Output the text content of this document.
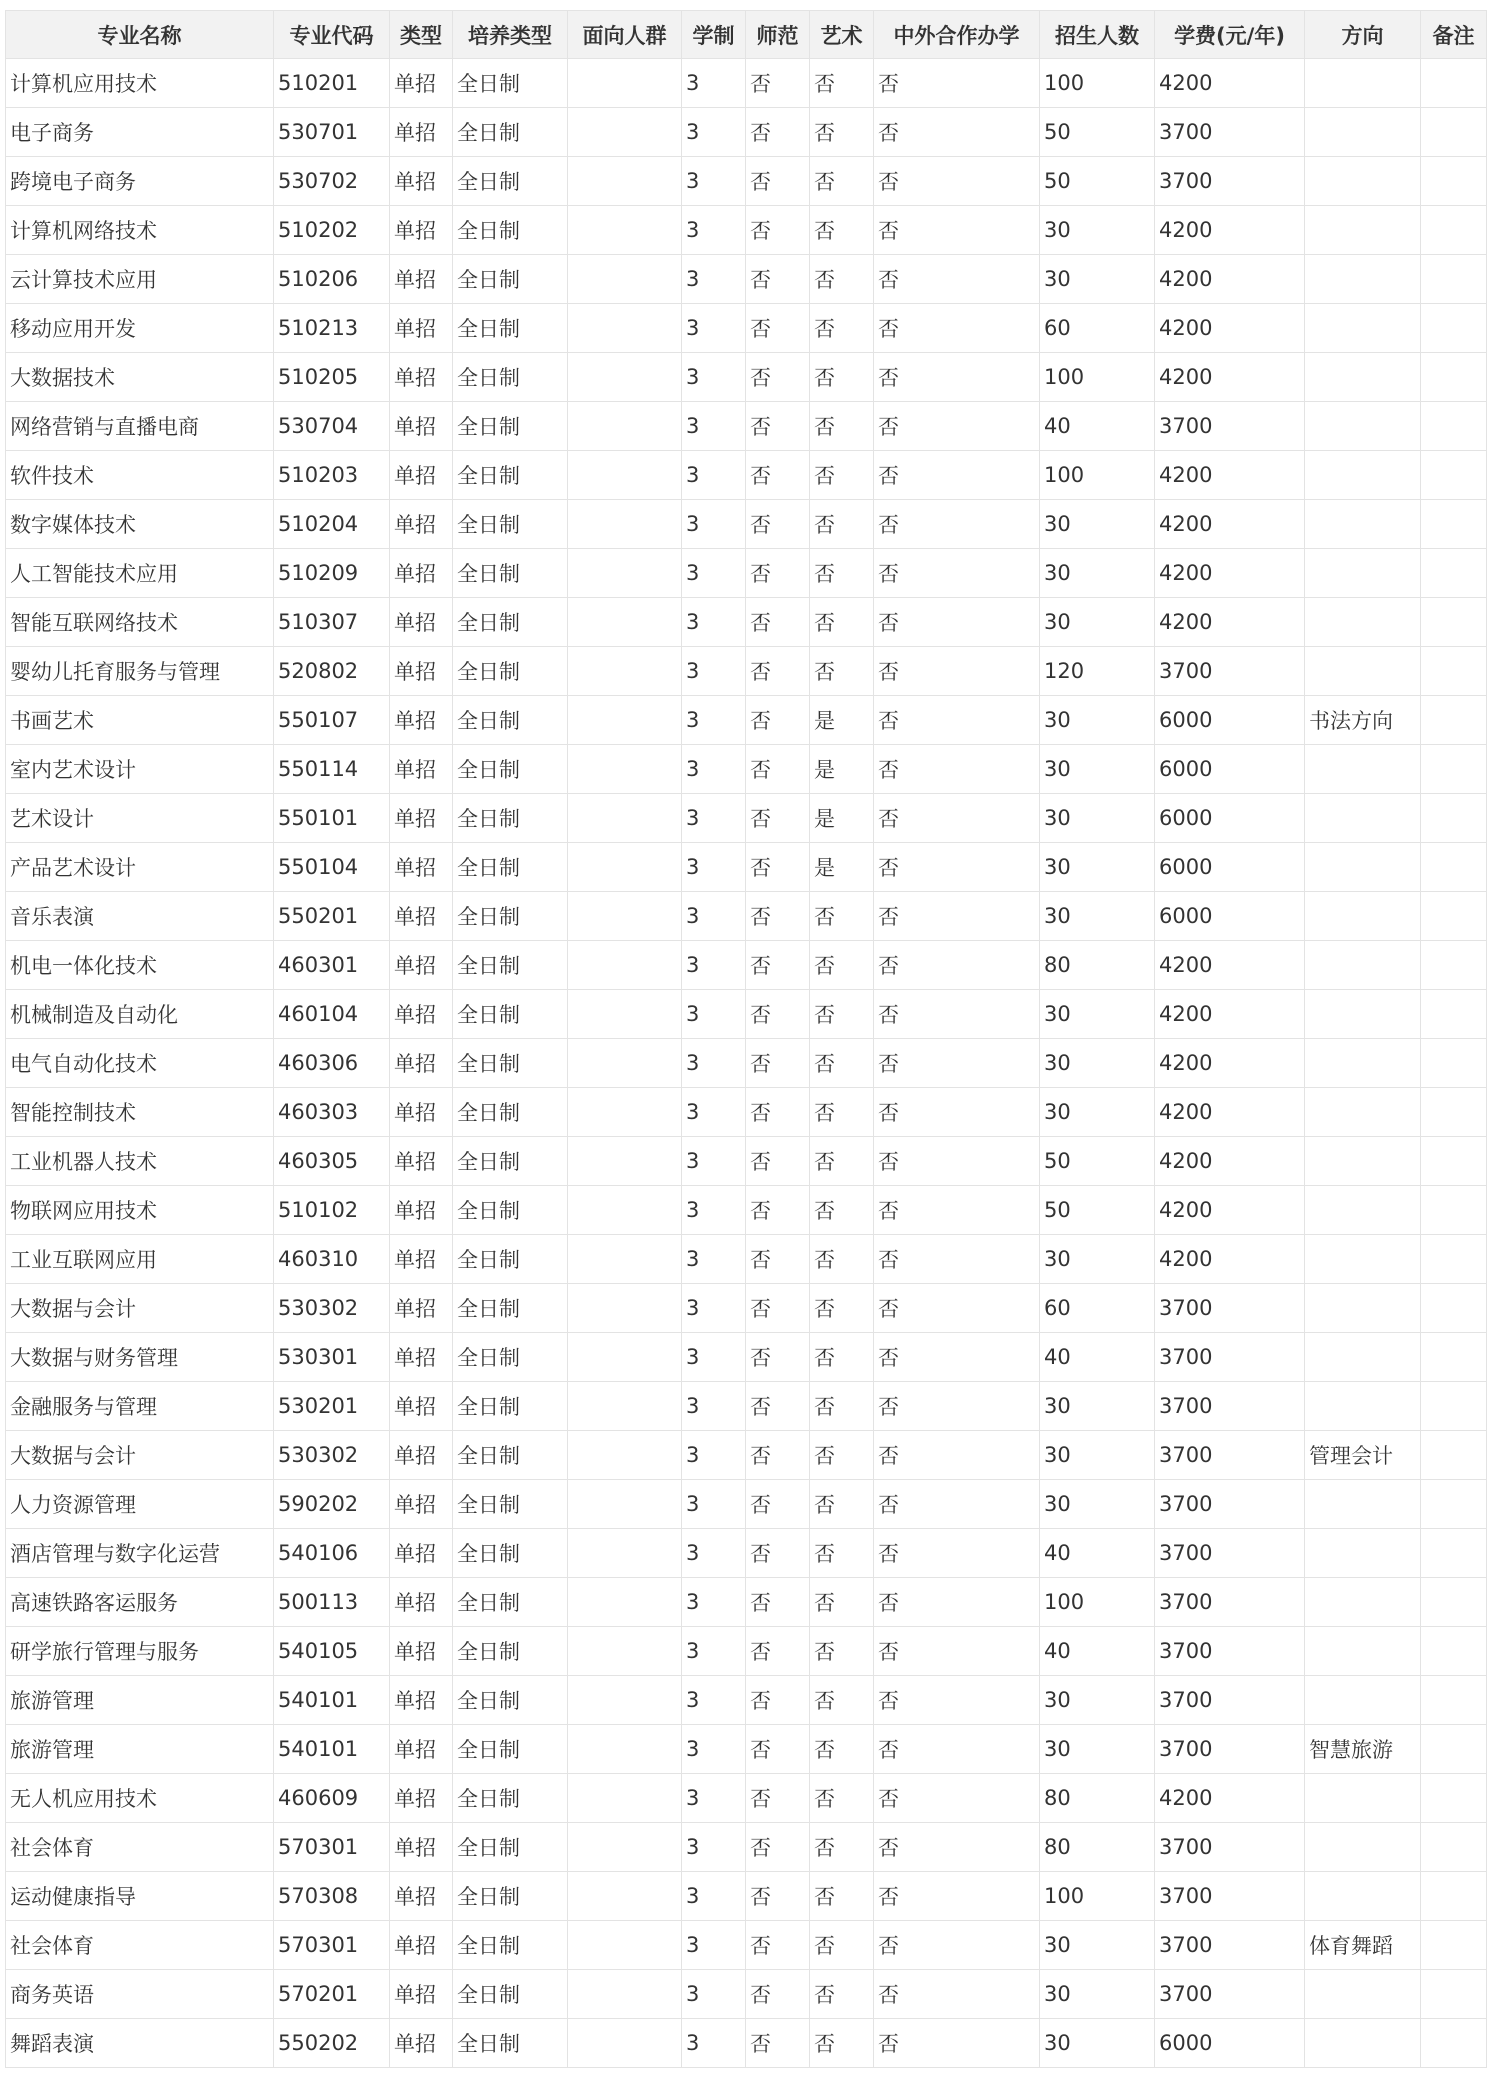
专业名称	专业代码	类型	培养类型	面向人群	学制	师范	艺术	中外合作办学	招生人数	学费(元/年)	方向	备注
计算机应用技术	510201	单招	全日制		3	否	否	否	100	4200		
电子商务	530701	单招	全日制		3	否	否	否	50	3700		
跨境电子商务	530702	单招	全日制		3	否	否	否	50	3700		
计算机网络技术	510202	单招	全日制		3	否	否	否	30	4200		
云计算技术应用	510206	单招	全日制		3	否	否	否	30	4200		
移动应用开发	510213	单招	全日制		3	否	否	否	60	4200		
大数据技术	510205	单招	全日制		3	否	否	否	100	4200		
网络营销与直播电商	530704	单招	全日制		3	否	否	否	40	3700		
软件技术	510203	单招	全日制		3	否	否	否	100	4200		
数字媒体技术	510204	单招	全日制		3	否	否	否	30	4200		
人工智能技术应用	510209	单招	全日制		3	否	否	否	30	4200		
智能互联网络技术	510307	单招	全日制		3	否	否	否	30	4200		
婴幼儿托育服务与管理	520802	单招	全日制		3	否	否	否	120	3700		
书画艺术	550107	单招	全日制		3	否	是	否	30	6000	书法方向	
室内艺术设计	550114	单招	全日制		3	否	是	否	30	6000		
艺术设计	550101	单招	全日制		3	否	是	否	30	6000		
产品艺术设计	550104	单招	全日制		3	否	是	否	30	6000		
音乐表演	550201	单招	全日制		3	否	否	否	30	6000		
机电一体化技术	460301	单招	全日制		3	否	否	否	80	4200		
机械制造及自动化	460104	单招	全日制		3	否	否	否	30	4200		
电气自动化技术	460306	单招	全日制		3	否	否	否	30	4200		
智能控制技术	460303	单招	全日制		3	否	否	否	30	4200		
工业机器人技术	460305	单招	全日制		3	否	否	否	50	4200		
物联网应用技术	510102	单招	全日制		3	否	否	否	50	4200		
工业互联网应用	460310	单招	全日制		3	否	否	否	30	4200		
大数据与会计	530302	单招	全日制		3	否	否	否	60	3700		
大数据与财务管理	530301	单招	全日制		3	否	否	否	40	3700		
金融服务与管理	530201	单招	全日制		3	否	否	否	30	3700		
大数据与会计	530302	单招	全日制		3	否	否	否	30	3700	管理会计	
人力资源管理	590202	单招	全日制		3	否	否	否	30	3700		
酒店管理与数字化运营	540106	单招	全日制		3	否	否	否	40	3700		
高速铁路客运服务	500113	单招	全日制		3	否	否	否	100	3700		
研学旅行管理与服务	540105	单招	全日制		3	否	否	否	40	3700		
旅游管理	540101	单招	全日制		3	否	否	否	30	3700		
旅游管理	540101	单招	全日制		3	否	否	否	30	3700	智慧旅游	
无人机应用技术	460609	单招	全日制		3	否	否	否	80	4200		
社会体育	570301	单招	全日制		3	否	否	否	80	3700		
运动健康指导	570308	单招	全日制		3	否	否	否	100	3700		
社会体育	570301	单招	全日制		3	否	否	否	30	3700	体育舞蹈	
商务英语	570201	单招	全日制		3	否	否	否	30	3700		
舞蹈表演	550202	单招	全日制		3	否	否	否	30	6000		
